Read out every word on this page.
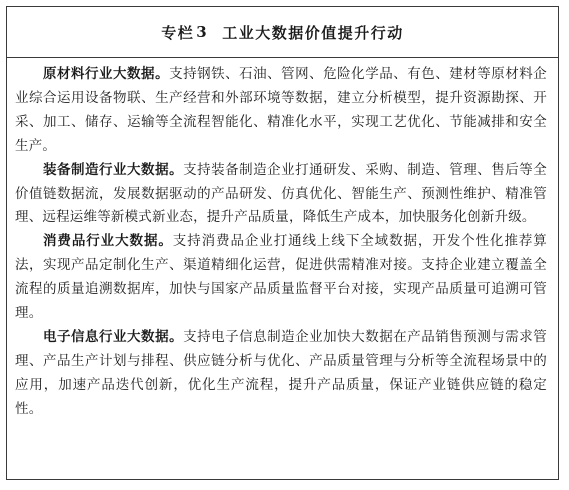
专栏 3 工业大数据价值提升行动

原材料行业大数据。支持钢铁、石油、管网、危险化学品、有色、建材等原材料企业综合运用设备物联、生产经营和外部环境等数据，建立分析模型，提升资源勘探、开采、加工、储存、运输等全流程智能化、精准化水平，实现工艺优化、节能减排和安全生产。

装备制造行业大数据。支持装备制造企业打通研发、采购、制造、管理、售后等全价值链数据流，发展数据驱动的产品研发、仿真优化、智能生产、预测性维护、精准管理、远程运维等新模式新业态，提升产品质量，降低生产成本，加快服务化创新升级。

消费品行业大数据。支持消费品企业打通线上线下全域数据，开发个性化推荐算法，实现产品定制化生产、渠道精细化运营，促进供需精准对接。支持企业建立覆盖全流程的质量追溯数据库，加快与国家产品质量监督平台对接，实现产品质量可追溯可管理。

电子信息行业大数据。支持电子信息制造企业加快大数据在产品销售预测与需求管理、产品生产计划与排程、供应链分析与优化、产品质量管理与分析等全流程场景中的应用，加速产品迭代创新，优化生产流程，提升产品质量，保证产业链供应链的稳定性。
